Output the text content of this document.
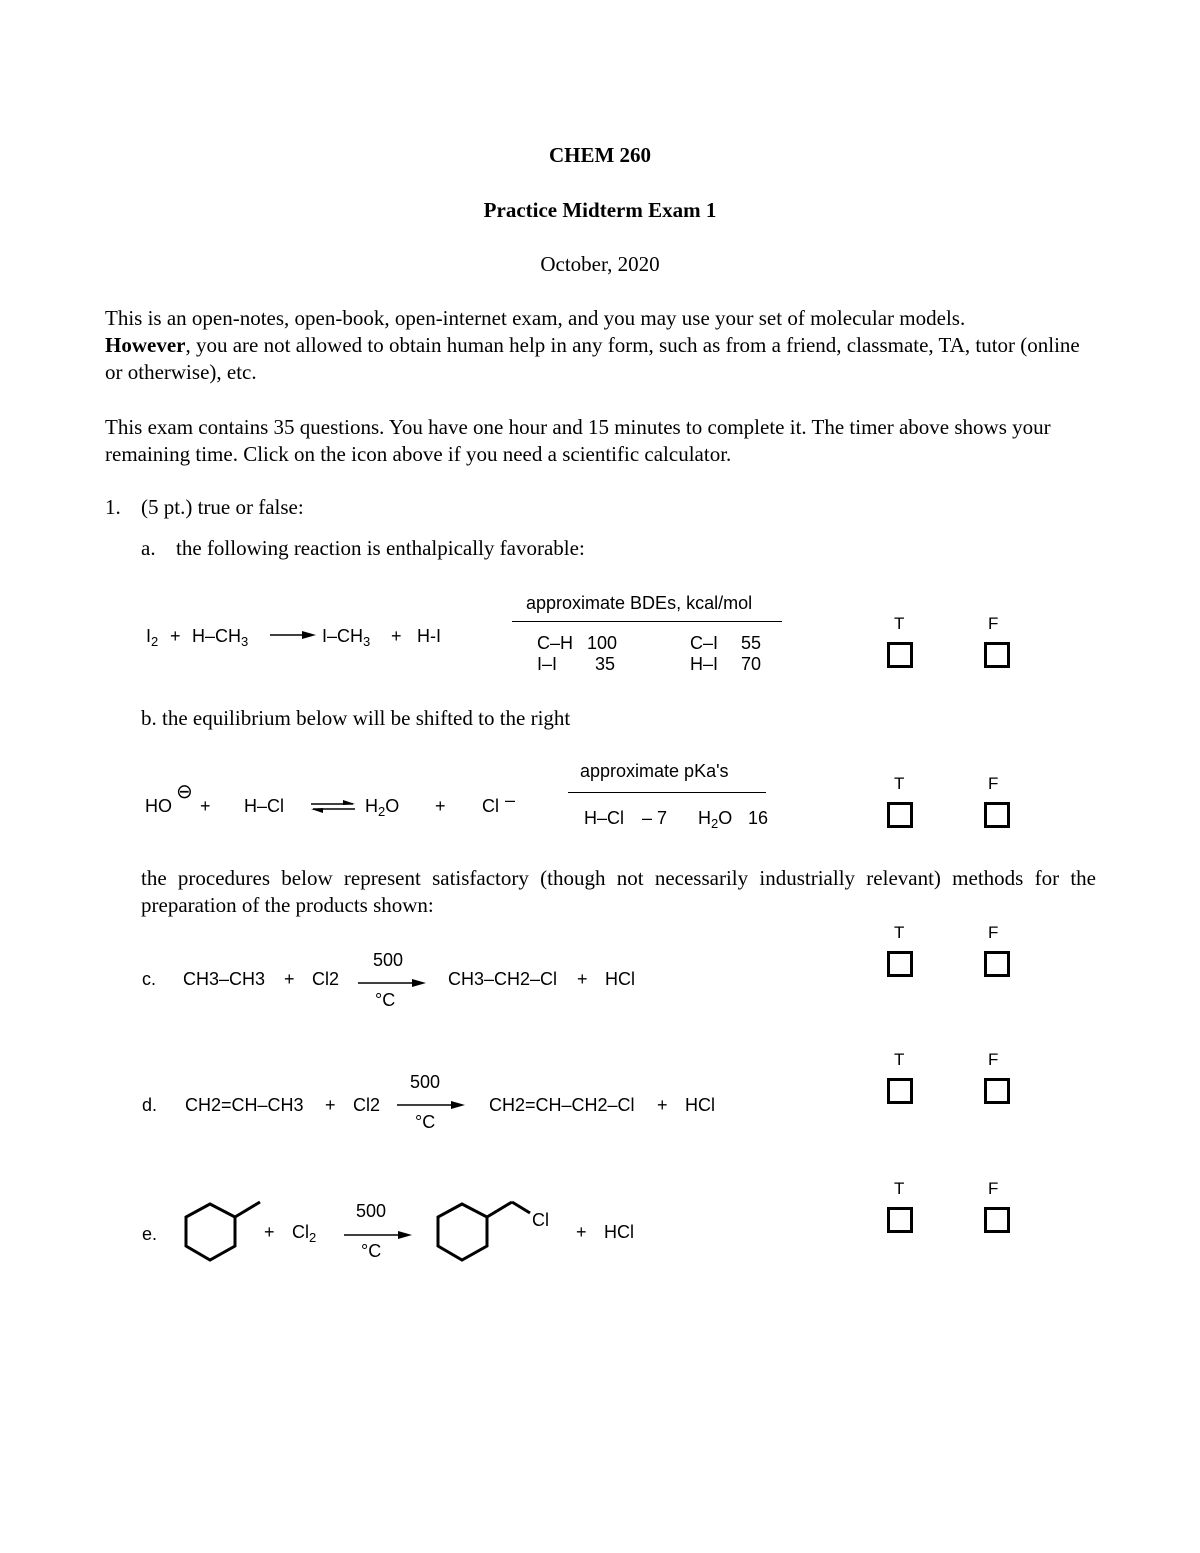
CHEM 260
Practice Midterm Exam 1
October, 2020
This is an open-notes, open-book, open-internet exam, and you may use your set of molecular models.
However, you are not allowed to obtain human help in any form, such as from a friend, classmate, TA, tutor (online or otherwise), etc.
This exam contains 35 questions. You have one hour and 15 minutes to complete it. The timer above shows your remaining time. Click on the icon above if you need a scientific calculator.
1. (5 pt.) true or false:
a. the following reaction is enthalpically favorable:
$I_2 + H-CH_3 \to I-CH_3 + H-I$
approximate BDEs, kcal/mol
C–H 100	C–I 55
I–I 35	H–I 70
T	F
b. the equilibrium below will be shifted to the right
HO
⊖
+ H–Cl ⇌ $H_2O + Cl$ –
approximate pKa's
H–Cl – 7 $H_2O$ 16
T	F
the procedures below represent satisfactory (though not necessarily industrially relevant) methods for the preparation of the products shown:
T	F
c. CH3–CH3 + Cl2
500
°C
CH3–CH2–Cl + HCl
T	F
d. CH2=CH–CH3 + Cl2
500
°C
CH2=CH–CH2–Cl + HCl
T	F
e.	+ $Cl_2$
500
°C
Cl
+ HCl
